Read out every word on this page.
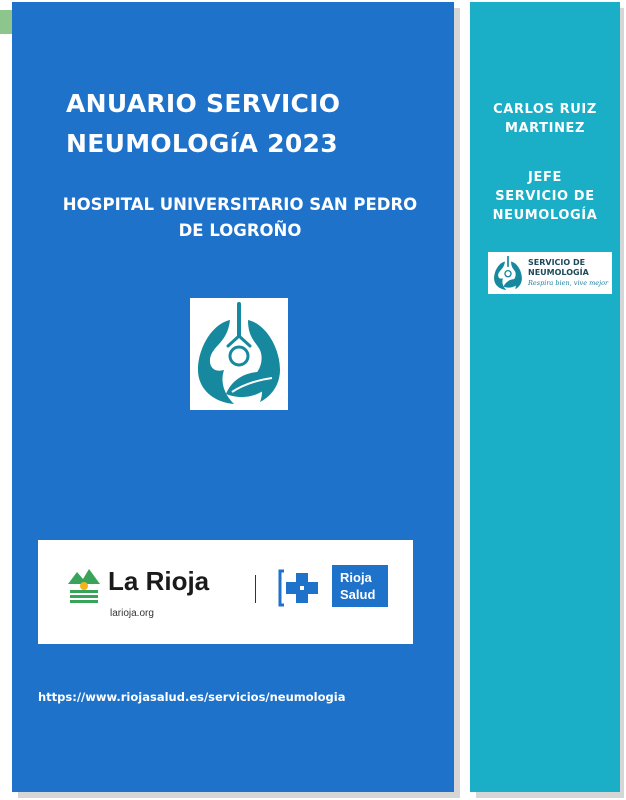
ANUARIO SERVICIO
NEUMOLOGíA 2023
HOSPITAL UNIVERSITARIO SAN PEDRO
DE LOGROÑO
La Rioja
larioja.org
Rioja
Salud
https://www.riojasalud.es/servicios/neumologia
CARLOS RUIZ
MARTINEZ
JEFE
SERVICIO DE
NEUMOLOGÍA
SERVICIO DE
NEUMOLOGÍA
Respira bien, vive mejor
